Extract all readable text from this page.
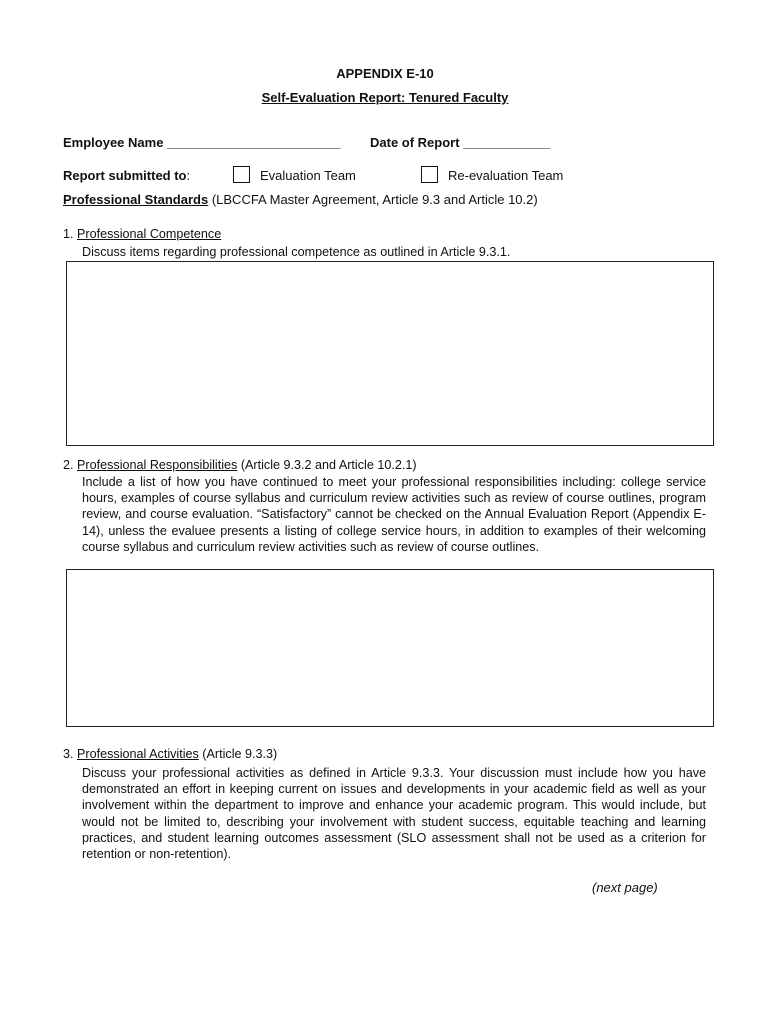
APPENDIX E-10
Self-Evaluation Report: Tenured Faculty
Employee Name ________________________ Date of Report ____________
Report submitted to:	Evaluation Team	Re-evaluation Team
Professional Standards (LBCCFA Master Agreement, Article 9.3 and Article 10.2)
1. Professional Competence
Discuss items regarding professional competence as outlined in Article 9.3.1.
2. Professional Responsibilities (Article 9.3.2 and Article 10.2.1)
Include a list of how you have continued to meet your professional responsibilities including: college service hours, examples of course syllabus and curriculum review activities such as review of course outlines, program review, and course evaluation. “Satisfactory” cannot be checked on the Annual Evaluation Report (Appendix E-14), unless the evaluee presents a listing of college service hours, in addition to examples of their welcoming course syllabus and curriculum review activities such as review of course outlines.
3. Professional Activities (Article 9.3.3)
Discuss your professional activities as defined in Article 9.3.3. Your discussion must include how you have demonstrated an effort in keeping current on issues and developments in your academic field as well as your involvement within the department to improve and enhance your academic program. This would include, but would not be limited to, describing your involvement with student success, equitable teaching and learning practices, and student learning outcomes assessment (SLO assessment shall not be used as a criterion for retention or non-retention).
(next page)
